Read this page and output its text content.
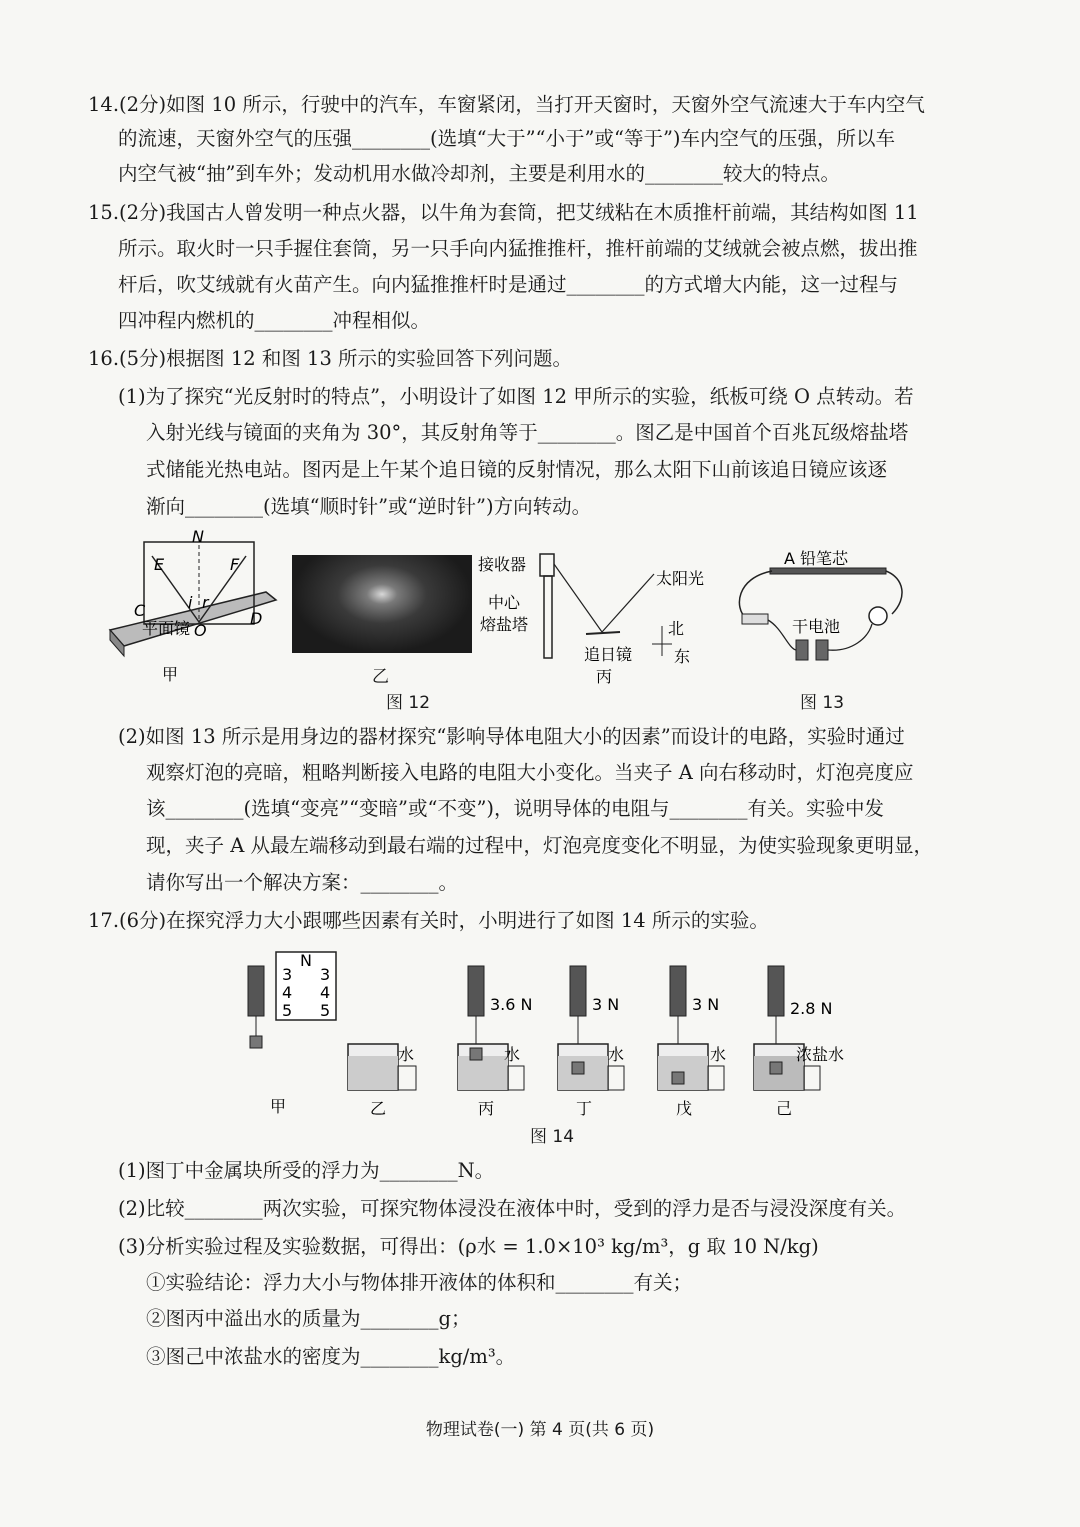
14.(2分)如图 10 所示，行驶中的汽车，车窗紧闭，当打开天窗时，天窗外空气流速大于车内空气
的流速，天窗外空气的压强________(选填“大于”“小于”或“等于”)车内空气的压强，所以车
内空气被“抽”到车外；发动机用水做冷却剂，主要是利用水的________较大的特点。
15.(2分)我国古人曾发明一种点火器，以牛角为套筒，把艾绒粘在木质推杆前端，其结构如图 11
所示。取火时一只手握住套筒，另一只手向内猛推推杆，推杆前端的艾绒就会被点燃，拔出推
杆后，吹艾绒就有火苗产生。向内猛推推杆时是通过________的方式增大内能，这一过程与
四冲程内燃机的________冲程相似。
16.(5分)根据图 12 和图 13 所示的实验回答下列问题。
(1)为了探究“光反射时的特点”，小明设计了如图 12 甲所示的实验，纸板可绕 O 点转动。若
入射光线与镜面的夹角为 30°，其反射角等于________。图乙是中国首个百兆瓦级熔盐塔
式储能光热电站。图丙是上午某个追日镜的反射情况，那么太阳下山前该追日镜应该逐
渐向________(选填“顺时针”或“逆时针”)方向转动。
N
E	F
C	D
i r
O
平面镜
甲	乙
接收器
中心
熔盐塔
太阳光
北
东
追日镜
丙
图 12
A 铅笔芯
干电池
图 13
(2)如图 13 所示是用身边的器材探究“影响导体电阻大小的因素”而设计的电路，实验时通过
观察灯泡的亮暗，粗略判断接入电路的电阻大小变化。当夹子 A 向右移动时，灯泡亮度应
该________(选填“变亮”“变暗”或“不变”)，说明导体的电阻与________有关。实验中发
现，夹子 A 从最左端移动到最右端的过程中，灯泡亮度变化不明显，为使实验现象更明显，
请你写出一个解决方案：________。
17.(6分)在探究浮力大小跟哪些因素有关时，小明进行了如图 14 所示的实验。
N
3
4
5
3
4
5
甲
水
乙
3.6 N
水
丙
3 N
水
丁
3 N
水
戊
2.8 N
浓盐水
己
图 14
(1)图丁中金属块所受的浮力为________N。
(2)比较________两次实验，可探究物体浸没在液体中时，受到的浮力是否与浸没深度有关。
(3)分析实验过程及实验数据，可得出：(ρ水 = 1.0×10³ kg/m³，g 取 10 N/kg)
①实验结论：浮力大小与物体排开液体的体积和________有关；
②图丙中溢出水的质量为________g；
③图己中浓盐水的密度为________kg/m³。
物理试卷(一) 第 4 页(共 6 页)
